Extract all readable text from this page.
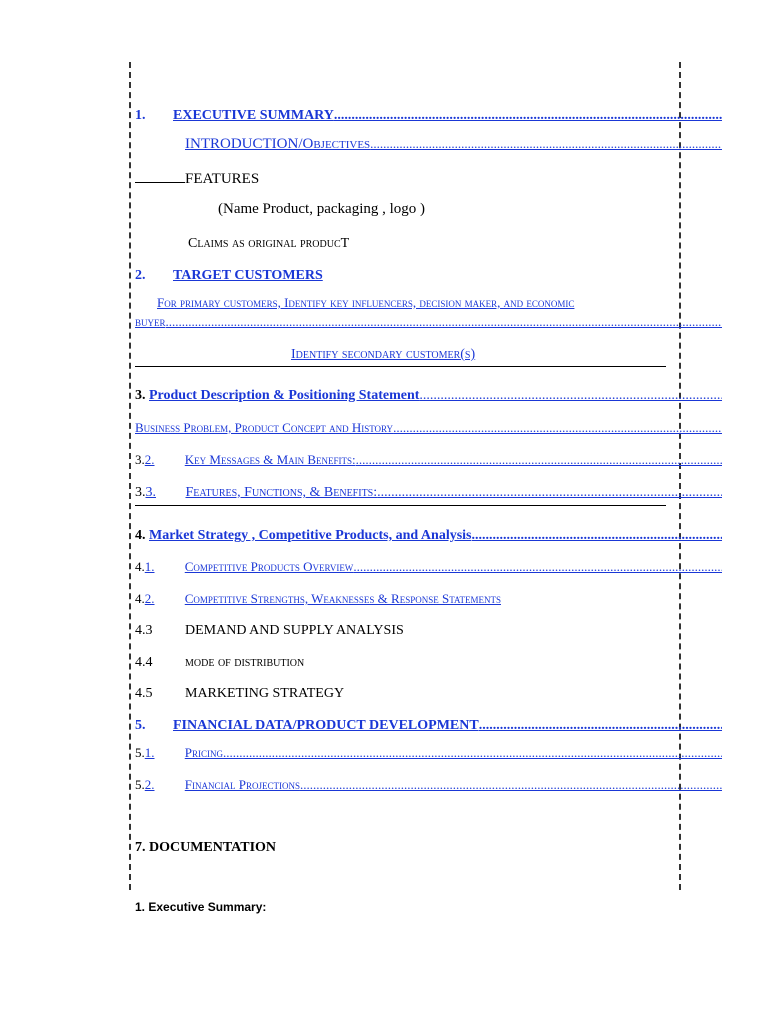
1. EXECUTIVE SUMMARY
.....
INTRODUCTION/Objectives
.....
FEATURES
(Name Product, packaging , logo )
Claims as original producT
2. TARGET CUSTOMERS
For primary customers, Identify key influencers, decision maker, and economic
buyer
.....
Identify secondary customer(s)
3. Product Description & Positioning Statement
.....
Business Problem, Product Concept and History
.....
3.2. Key Messages & Main Benefits:
.....
3.3. Features, Functions, & Benefits:
.....
4. Market Strategy , Competitive Products, and Analysis
.....
4.1. Competitive Products Overview
.....
4.2. Competitive Strengths, Weaknesses & Response Statements
4.3 DEMAND AND SUPPLY ANALYSIS
4.4 mode of distribution
4.5 MARKETING STRATEGY
5. FINANCIAL DATA/PRODUCT DEVELOPMENT
.....
5.1. Pricing
.....
5.2. Financial Projections
.....
7. DOCUMENTATION
1. Executive Summary:
